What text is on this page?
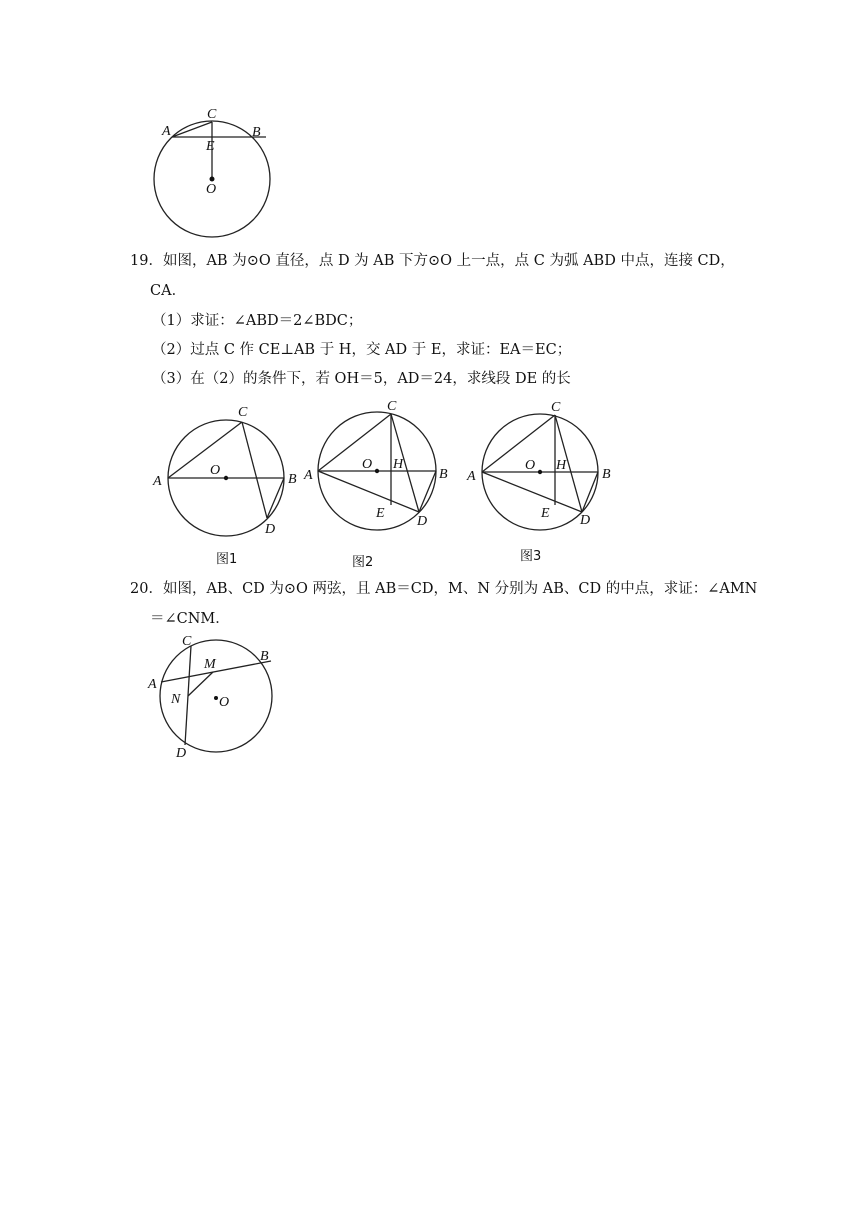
A	B
C
E
O
19．如图，AB 为⊙O 直径，点 D 为 AB 下方⊙O 上一点，点 C 为弧 ABD 中点，连接 CD，
CA．
（1）求证：∠ABD＝2∠BDC；
（2）过点 C 作 CE⊥AB 于 H，交 AD 于 E，求证：EA＝EC；
（3）在（2）的条件下，若 OH＝5，AD＝24，求线段 DE 的长
A	B
C
D
O
图1
A	B
C
D
O H
E
图2
A	B
C
D
O H
E
图3
20．如图，AB、CD 为⊙O 两弦，且 AB＝CD，M、N 分别为 AB、CD 的中点，求证：∠AMN
＝∠CNM．
A
B
C
D
M
N	O
